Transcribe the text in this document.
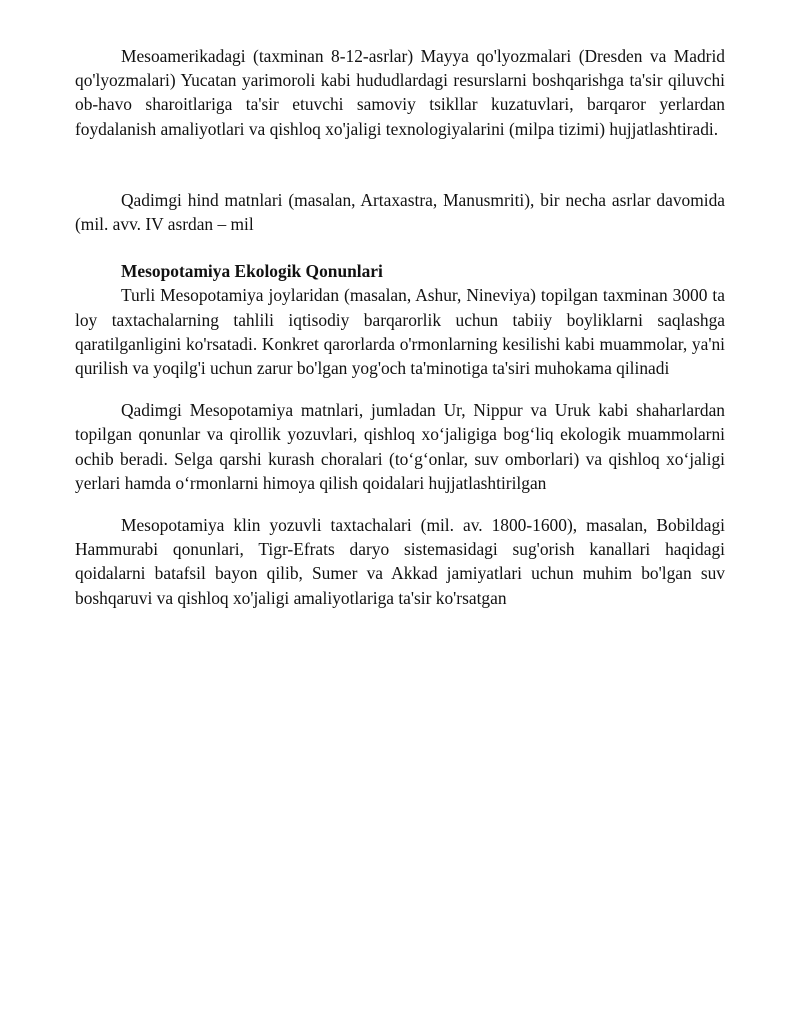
Mesoamerikadagi (taxminan 8-12-asrlar) Mayya qo'lyozmalari (Dresden va Madrid qo'lyozmalari) Yucatan yarimoroli kabi hududlardagi resurslarni boshqarishga ta'sir qiluvchi ob-havo sharoitlariga ta'sir etuvchi samoviy tsikllar kuzatuvlari, barqaror yerlardan foydalanish amaliyotlari va qishloq xo'jaligi texnologiyalarini (milpa tizimi) hujjatlashtiradi.

Qadimgi hind matnlari (masalan, Artaxastra, Manusmriti), bir necha asrlar davomida (mil. avv. IV asrdan – mil

Mesopotamiya Ekologik Qonunlari

Turli Mesopotamiya joylaridan (masalan, Ashur, Nineviya) topilgan taxminan 3000 ta loy taxtachalarning tahlili iqtisodiy barqarorlik uchun tabiiy boyliklarni saqlashga qaratilganligini ko'rsatadi. Konkret qarorlarda o'rmonlarning kesilishi kabi muammolar, ya'ni qurilish va yoqilg'i uchun zarur bo'lgan yog'och ta'minotiga ta'siri muhokama qilinadi

Qadimgi Mesopotamiya matnlari, jumladan Ur, Nippur va Uruk kabi shaharlardan topilgan qonunlar va qirollik yozuvlari, qishloq xo‘jaligiga bog‘liq ekologik muammolarni ochib beradi. Selga qarshi kurash choralari (to‘g‘onlar, suv omborlari) va qishloq xo‘jaligi yerlari hamda o‘rmonlarni himoya qilish qoidalari hujjatlashtirilgan

Mesopotamiya klin yozuvli taxtachalari (mil. av. 1800-1600), masalan, Bobildagi Hammurabi qonunlari, Tigr-Efrats daryo sistemasidagi sug'orish kanallari haqidagi qoidalarni batafsil bayon qilib, Sumer va Akkad jamiyatlari uchun muhim bo'lgan suv boshqaruvi va qishloq xo'jaligi amaliyotlariga ta'sir ko'rsatgan
